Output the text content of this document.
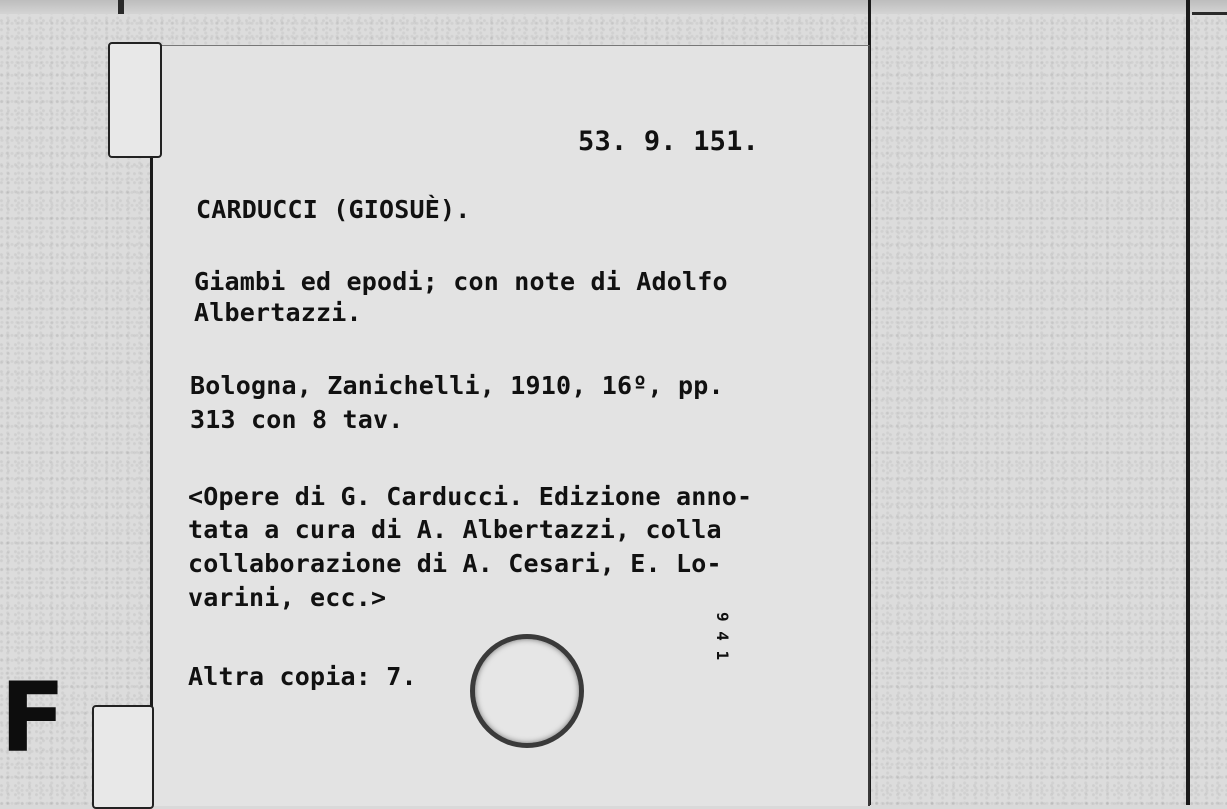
F
53. 9. 151.
CARDUCCI (GIOSUÈ).
Giambi ed epodi; con note di Adolfo
Albertazzi.
Bologna, Zanichelli, 1910, 16º, pp.
313 con 8 tav.
<Opere di G. Carducci. Edizione anno-
tata a cura di A. Albertazzi, colla
collaborazione di A. Cesari, E. Lo-
varini, ecc.>
Altra copia: 7.
9 4 1
